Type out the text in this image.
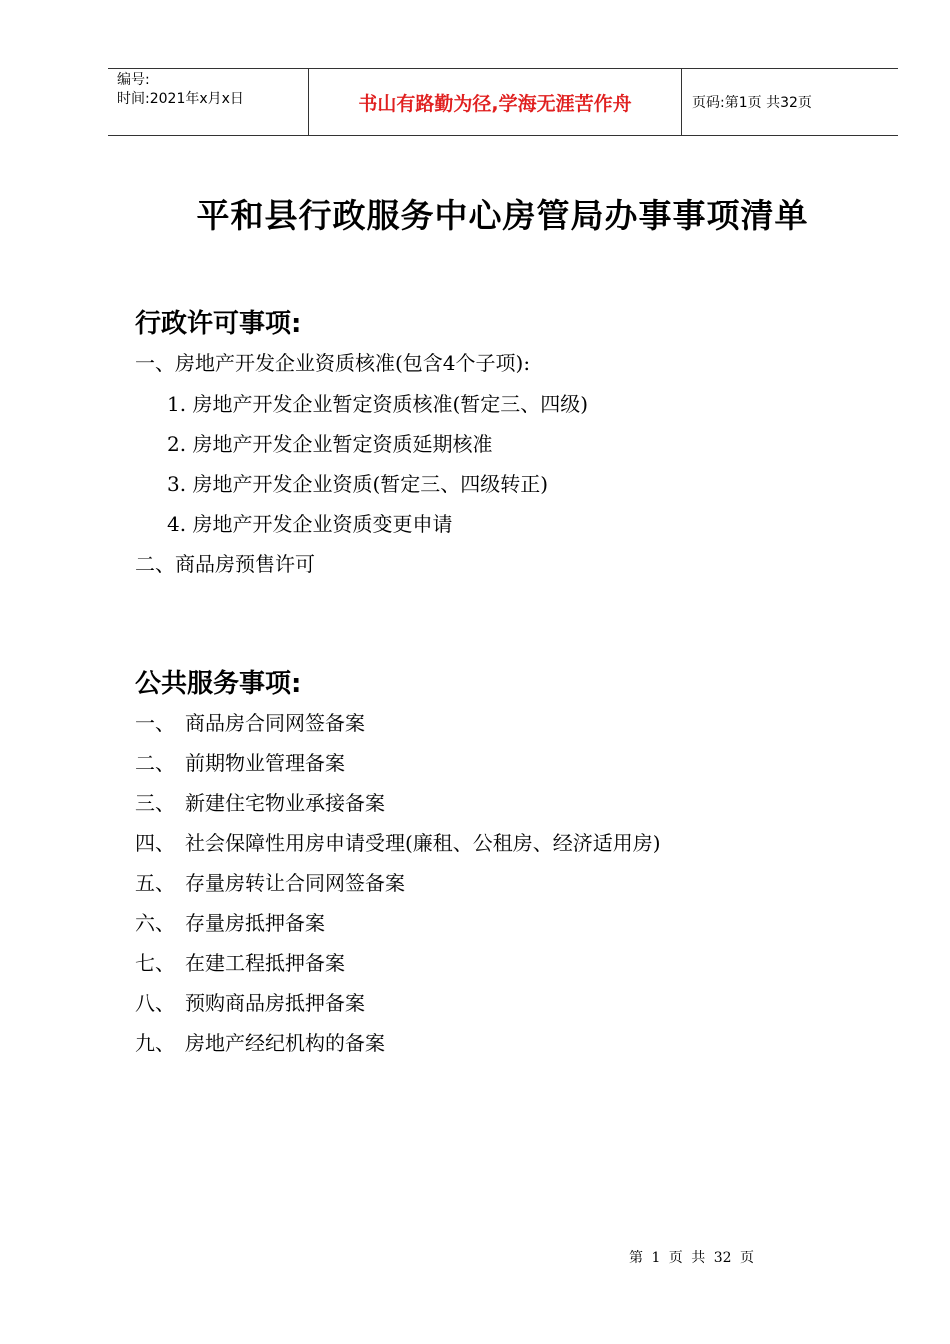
编号:
时间:2021年x月x日	书山有路勤为径,学海无涯苦作舟	页码:第1页 共32页
平和县行政服务中心房管局办事事项清单
行政许可事项:
一、房地产开发企业资质核准(包含4个子项):
1. 房地产开发企业暂定资质核准(暂定三、四级)
2. 房地产开发企业暂定资质延期核准
3. 房地产开发企业资质(暂定三、四级转正)
4. 房地产开发企业资质变更申请
二、商品房预售许可
公共服务事项:
一、 商品房合同网签备案
二、 前期物业管理备案
三、 新建住宅物业承接备案
四、 社会保障性用房申请受理(廉租、公租房、经济适用房)
五、 存量房转让合同网签备案
六、 存量房抵押备案
七、 在建工程抵押备案
八、 预购商品房抵押备案
九、 房地产经纪机构的备案
第 1 页 共 32 页
